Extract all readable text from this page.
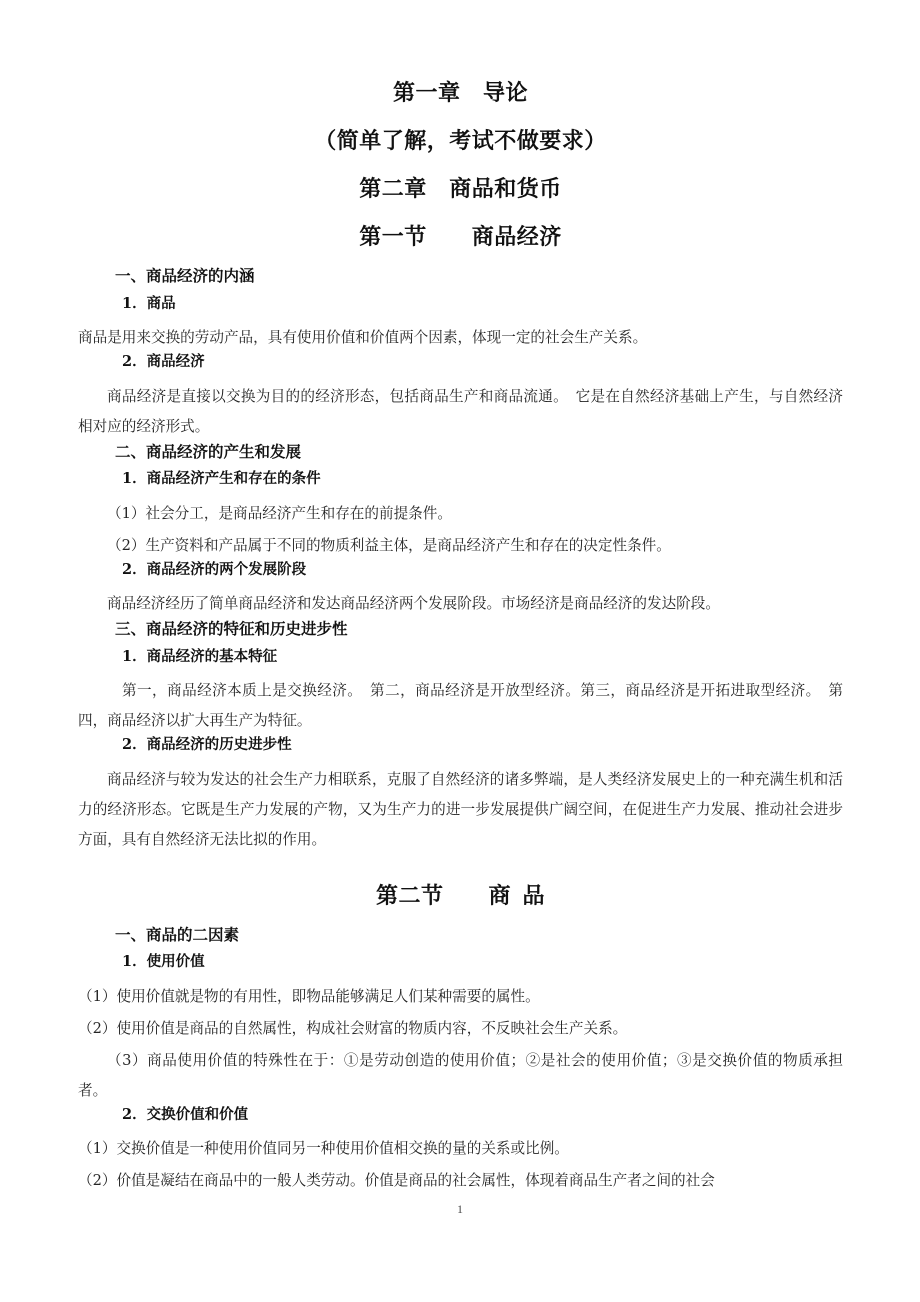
第一章 导论
（简单了解，考试不做要求）
第二章 商品和货币
第一节  商品经济
一、商品经济的内涵
1．商品

商品是用来交换的劳动产品，具有使用价值和价值两个因素，体现一定的社会生产关系。

2．商品经济

商品经济是直接以交换为目的的经济形态，包括商品生产和商品流通。 它是在自然经济基础上产生，与自然经济相对应的经济形式。

二、商品经济的产生和发展
1．商品经济产生和存在的条件

（1）社会分工，是商品经济产生和存在的前提条件。

（2）生产资料和产品属于不同的物质利益主体，是商品经济产生和存在的决定性条件。

2．商品经济的两个发展阶段

商品经济经历了简单商品经济和发达商品经济两个发展阶段。市场经济是商品经济的发达阶段。

三、商品经济的特征和历史进步性
1．商品经济的基本特征

第一，商品经济本质上是交换经济。 第二，商品经济是开放型经济。第三，商品经济是开拓进取型经济。 第四，商品经济以扩大再生产为特征。

2．商品经济的历史进步性

商品经济与较为发达的社会生产力相联系，克服了自然经济的诸多弊端，是人类经济发展史上的一种充满生机和活力的经济形态。它既是生产力发展的产物，又为生产力的进一步发展提供广阔空间，在促进生产力发展、推动社会进步方面，具有自然经济无法比拟的作用。

第二节  商 品
一、商品的二因素
1．使用价值

（1）使用价值就是物的有用性，即物品能够满足人们某种需要的属性。

（2）使用价值是商品的自然属性，构成社会财富的物质内容，不反映社会生产关系。

（3）商品使用价值的特殊性在于：①是劳动创造的使用价值；②是社会的使用价值；③是交换价值的物质承担者。

2．交换价值和价值

（1）交换价值是一种使用价值同另一种使用价值相交换的量的关系或比例。

（2）价值是凝结在商品中的一般人类劳动。价值是商品的社会属性，体现着商品生产者之间的社会

1
